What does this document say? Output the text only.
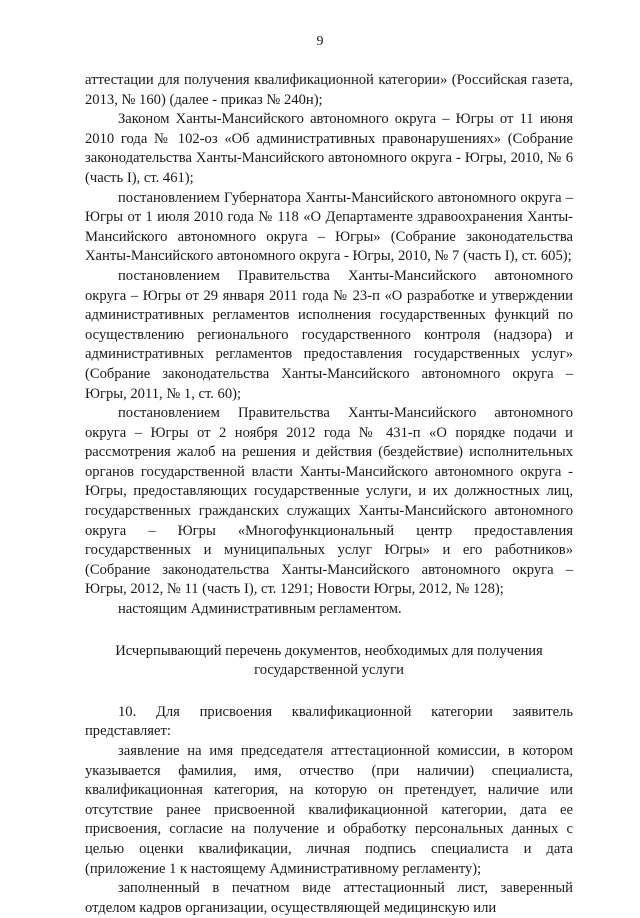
9

аттестации для получения квалификационной категории» (Российская газета, 2013, № 160) (далее - приказ № 240н);

Законом Ханты-Мансийского автономного округа – Югры от 11 июня 2010 года № 102-оз «Об административных правонарушениях» (Собрание законодательства Ханты-Мансийского автономного округа - Югры, 2010, № 6 (часть I), ст. 461);

постановлением Губернатора Ханты-Мансийского автономного округа – Югры от 1 июля 2010 года № 118 «О Департаменте здравоохранения Ханты-Мансийского автономного округа – Югры» (Собрание законодательства Ханты-Мансийского автономного округа - Югры, 2010, № 7 (часть I), ст. 605);

постановлением Правительства Ханты-Мансийского автономного округа – Югры от 29 января 2011 года № 23-п «О разработке и утверждении административных регламентов исполнения государственных функций по осуществлению регионального государственного контроля (надзора) и административных регламентов предоставления государственных услуг» (Собрание законодательства Ханты-Мансийского автономного округа – Югры, 2011, № 1, ст. 60);

постановлением Правительства Ханты-Мансийского автономного округа – Югры от 2 ноября 2012 года № 431-п «О порядке подачи и рассмотрения жалоб на решения и действия (бездействие) исполнительных органов государственной власти Ханты-Мансийского автономного округа - Югры, предоставляющих государственные услуги, и их должностных лиц, государственных гражданских служащих Ханты-Мансийского автономного округа – Югры «Многофункциональный центр предоставления государственных и муниципальных услуг Югры» и его работников» (Собрание законодательства Ханты-Мансийского автономного округа – Югры, 2012, № 11 (часть I), ст. 1291; Новости Югры, 2012, № 128);

настоящим Административным регламентом.

Исчерпывающий перечень документов, необходимых для получения
государственной услуги

10. Для присвоения квалификационной категории заявитель представляет:

заявление на имя председателя аттестационной комиссии, в котором указывается фамилия, имя, отчество (при наличии) специалиста, квалификационная категория, на которую он претендует, наличие или отсутствие ранее присвоенной квалификационной категории, дата ее присвоения, согласие на получение и обработку персональных данных с целью оценки квалификации, личная подпись специалиста и дата (приложение 1 к настоящему Административному регламенту);

заполненный в печатном виде аттестационный лист, заверенный отделом кадров организации, осуществляющей медицинскую или
